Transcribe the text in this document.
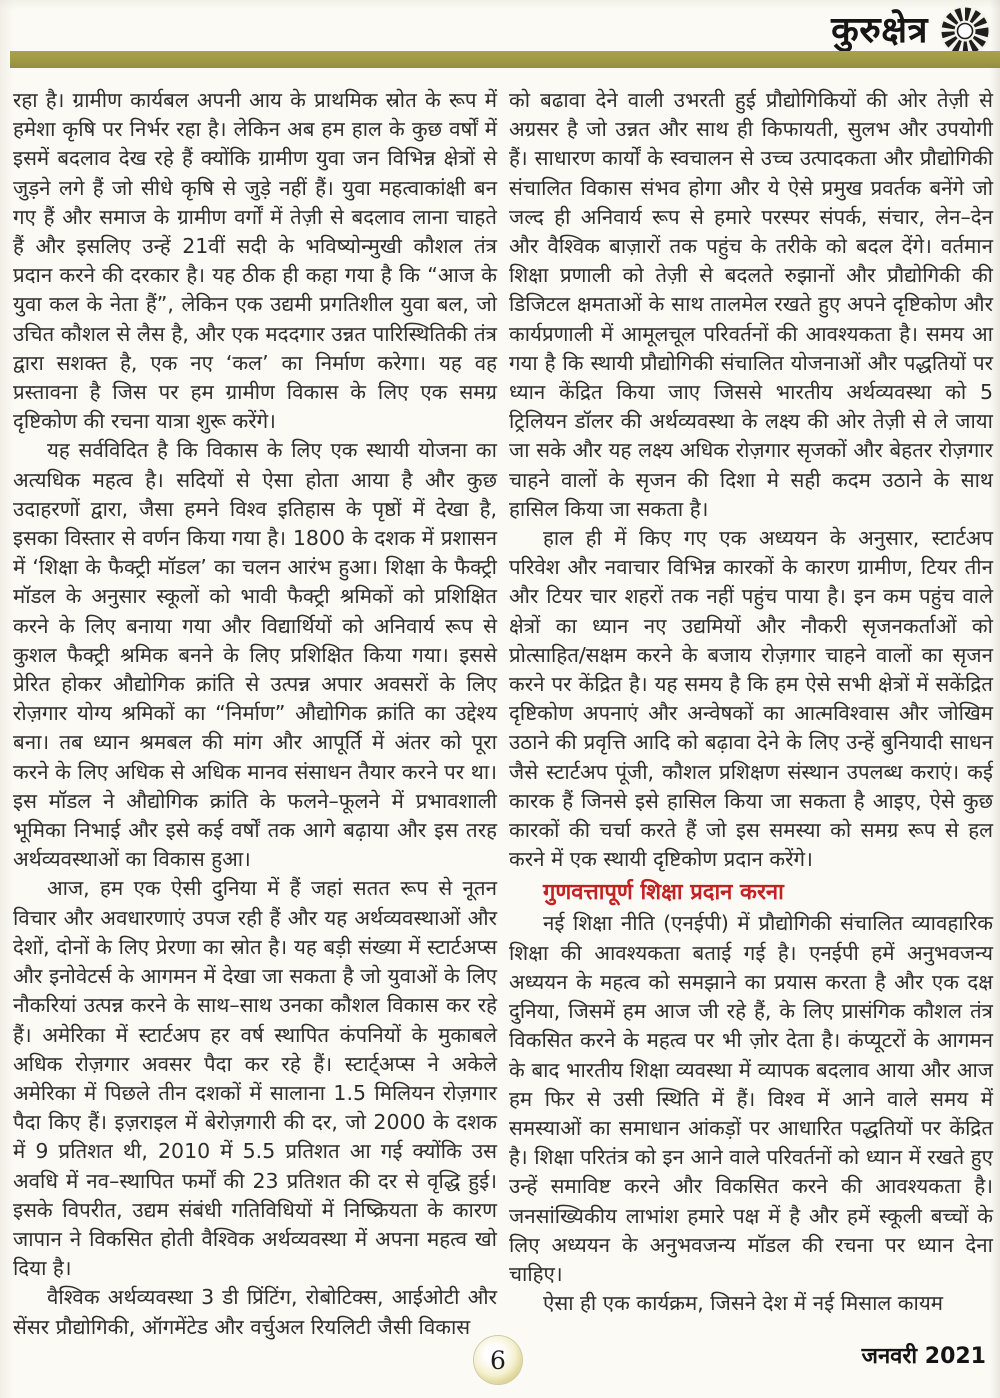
कुरुक्षेत्र

रहा है। ग्रामीण कार्यबल अपनी आय के प्राथमिक स्रोत के रूप में हमेशा कृषि पर निर्भर रहा है। लेकिन अब हम हाल के कुछ वर्षों में इसमें बदलाव देख रहे हैं क्योंकि ग्रामीण युवा जन विभिन्न क्षेत्रों से जुड़ने लगे हैं जो सीधे कृषि से जुड़े नहीं हैं। युवा महत्वाकांक्षी बन गए हैं और समाज के ग्रामीण वर्गों में तेज़ी से बदलाव लाना चाहते हैं और इसलिए उन्हें 21वीं सदी के भविष्योन्मुखी कौशल तंत्र प्रदान करने की दरकार है। यह ठीक ही कहा गया है कि “आज के युवा कल के नेता हैं”, लेकिन एक उद्यमी प्रगतिशील युवा बल, जो उचित कौशल से लैस है, और एक मददगार उन्नत पारिस्थितिकी तंत्र द्वारा सशक्त है, एक नए ‘कल’ का निर्माण करेगा। यह वह प्रस्तावना है जिस पर हम ग्रामीण विकास के लिए एक समग्र दृष्टिकोण की रचना यात्रा शुरू करेंगे।

यह सर्वविदित है कि विकास के लिए एक स्थायी योजना का अत्यधिक महत्व है। सदियों से ऐसा होता आया है और कुछ उदाहरणों द्वारा, जैसा हमने विश्व इतिहास के पृष्ठों में देखा है, इसका विस्तार से वर्णन किया गया है। 1800 के दशक में प्रशासन में ‘शिक्षा के फैक्ट्री मॉडल’ का चलन आरंभ हुआ। शिक्षा के फैक्ट्री मॉडल के अनुसार स्कूलों को भावी फैक्ट्री श्रमिकों को प्रशिक्षित करने के लिए बनाया गया और विद्यार्थियों को अनिवार्य रूप से कुशल फैक्ट्री श्रमिक बनने के लिए प्रशिक्षित किया गया। इससे प्रेरित होकर औद्योगिक क्रांति से उत्पन्न अपार अवसरों के लिए रोज़गार योग्य श्रमिकों का “निर्माण” औद्योगिक क्रांति का उद्देश्य बना। तब ध्यान श्रमबल की मांग और आपूर्ति में अंतर को पूरा करने के लिए अधिक से अधिक मानव संसाधन तैयार करने पर था। इस मॉडल ने औद्योगिक क्रांति के फलने–फूलने में प्रभावशाली भूमिका निभाई और इसे कई वर्षों तक आगे बढ़ाया और इस तरह अर्थव्यवस्थाओं का विकास हुआ।

आज, हम एक ऐसी दुनिया में हैं जहां सतत रूप से नूतन विचार और अवधारणाएं उपज रही हैं और यह अर्थव्यवस्थाओं और देशों, दोनों के लिए प्रेरणा का स्रोत है। यह बड़ी संख्या में स्टार्टअप्स और इनोवेटर्स के आगमन में देखा जा सकता है जो युवाओं के लिए नौकरियां उत्पन्न करने के साथ–साथ उनका कौशल विकास कर रहे हैं। अमेरिका में स्टार्टअप हर वर्ष स्थापित कंपनियों के मुकाबले अधिक रोज़गार अवसर पैदा कर रहे हैं। स्टार्ट्अप्स ने अकेले अमेरिका में पिछले तीन दशकों में सालाना 1.5 मिलियन रोज़गार पैदा किए हैं। इज़राइल में बेरोज़गारी की दर, जो 2000 के दशक में 9 प्रतिशत थी, 2010 में 5.5 प्रतिशत आ गई क्योंकि उस अवधि में नव–स्थापित फर्मों की 23 प्रतिशत की दर से वृद्धि हुई। इसके विपरीत, उद्यम संबंधी गतिविधियों में निष्क्रियता के कारण जापान ने विकसित होती वैश्विक अर्थव्यवस्था में अपना महत्व खो दिया है।

वैश्विक अर्थव्यवस्था 3 डी प्रिंटिंग, रोबोटिक्स, आईओटी और सेंसर प्रौद्योगिकी, ऑगमेंटेड और वर्चुअल रियलिटी जैसी विकास

को बढावा देने वाली उभरती हुई प्रौद्योगिकियों की ओर तेज़ी से अग्रसर है जो उन्नत और साथ ही किफायती, सुलभ और उपयोगी हैं। साधारण कार्यों के स्वचालन से उच्च उत्पादकता और प्रौद्योगिकी संचालित विकास संभव होगा और ये ऐसे प्रमुख प्रवर्तक बनेंगे जो जल्द ही अनिवार्य रूप से हमारे परस्पर संपर्क, संचार, लेन–देन और वैश्विक बाज़ारों तक पहुंच के तरीके को बदल देंगे। वर्तमान शिक्षा प्रणाली को तेज़ी से बदलते रुझानों और प्रौद्योगिकी की डिजिटल क्षमताओं के साथ तालमेल रखते हुए अपने दृष्टिकोण और कार्यप्रणाली में आमूलचूल परिवर्तनों की आवश्यकता है। समय आ गया है कि स्थायी प्रौद्योगिकी संचालित योजनाओं और पद्धतियों पर ध्यान केंद्रित किया जाए जिससे भारतीय अर्थव्यवस्था को 5 ट्रिलियन डॉलर की अर्थव्यवस्था के लक्ष्य की ओर तेज़ी से ले जाया जा सके और यह लक्ष्य अधिक रोज़गार सृजकों और बेहतर रोज़गार चाहने वालों के सृजन की दिशा मे सही कदम उठाने के साथ हासिल किया जा सकता है।

हाल ही में किए गए एक अध्ययन के अनुसार, स्टार्टअप परिवेश और नवाचार विभिन्न कारकों के कारण ग्रामीण, टियर तीन और टियर चार शहरों तक नहीं पहुंच पाया है। इन कम पहुंच वाले क्षेत्रों का ध्यान नए उद्यमियों और नौकरी सृजनकर्ताओं को प्रोत्साहित/सक्षम करने के बजाय रोज़गार चाहने वालों का सृजन करने पर केंद्रित है। यह समय है कि हम ऐसे सभी क्षेत्रों में सकेंद्रित दृष्टिकोण अपनाएं और अन्वेषकों का आत्मविश्वास और जोखिम उठाने की प्रवृत्ति आदि को बढ़ावा देने के लिए उन्हें बुनियादी साधन जैसे स्टार्टअप पूंजी, कौशल प्रशिक्षण संस्थान उपलब्ध कराएं। कई कारक हैं जिनसे इसे हासिल किया जा सकता है आइए, ऐसे कुछ कारकों की चर्चा करते हैं जो इस समस्या को समग्र रूप से हल करने में एक स्थायी दृष्टिकोण प्रदान करेंगे।

गुणवत्तापूर्ण शिक्षा प्रदान करना

नई शिक्षा नीति (एनईपी) में प्रौद्योगिकी संचालित व्यावहारिक शिक्षा की आवश्यकता बताई गई है। एनईपी हमें अनुभवजन्य अध्ययन के महत्व को समझाने का प्रयास करता है और एक दक्ष दुनिया, जिसमें हम आज जी रहे हैं, के लिए प्रासंगिक कौशल तंत्र विकसित करने के महत्व पर भी ज़ोर देता है। कंप्यूटरों के आगमन के बाद भारतीय शिक्षा व्यवस्था में व्यापक बदलाव आया और आज हम फिर से उसी स्थिति में हैं। विश्व में आने वाले समय में समस्याओं का समाधान आंकड़ों पर आधारित पद्धतियों पर केंद्रित है। शिक्षा परितंत्र को इन आने वाले परिवर्तनों को ध्यान में रखते हुए उन्हें समाविष्ट करने और विकसित करने की आवश्यकता है। जनसांख्यिकीय लाभांश हमारे पक्ष में है और हमें स्कूली बच्चों के लिए अध्ययन के अनुभवजन्य मॉडल की रचना पर ध्यान देना चाहिए।

ऐसा ही एक कार्यक्रम, जिसने देश में नई मिसाल कायम

6	जनवरी 2021
